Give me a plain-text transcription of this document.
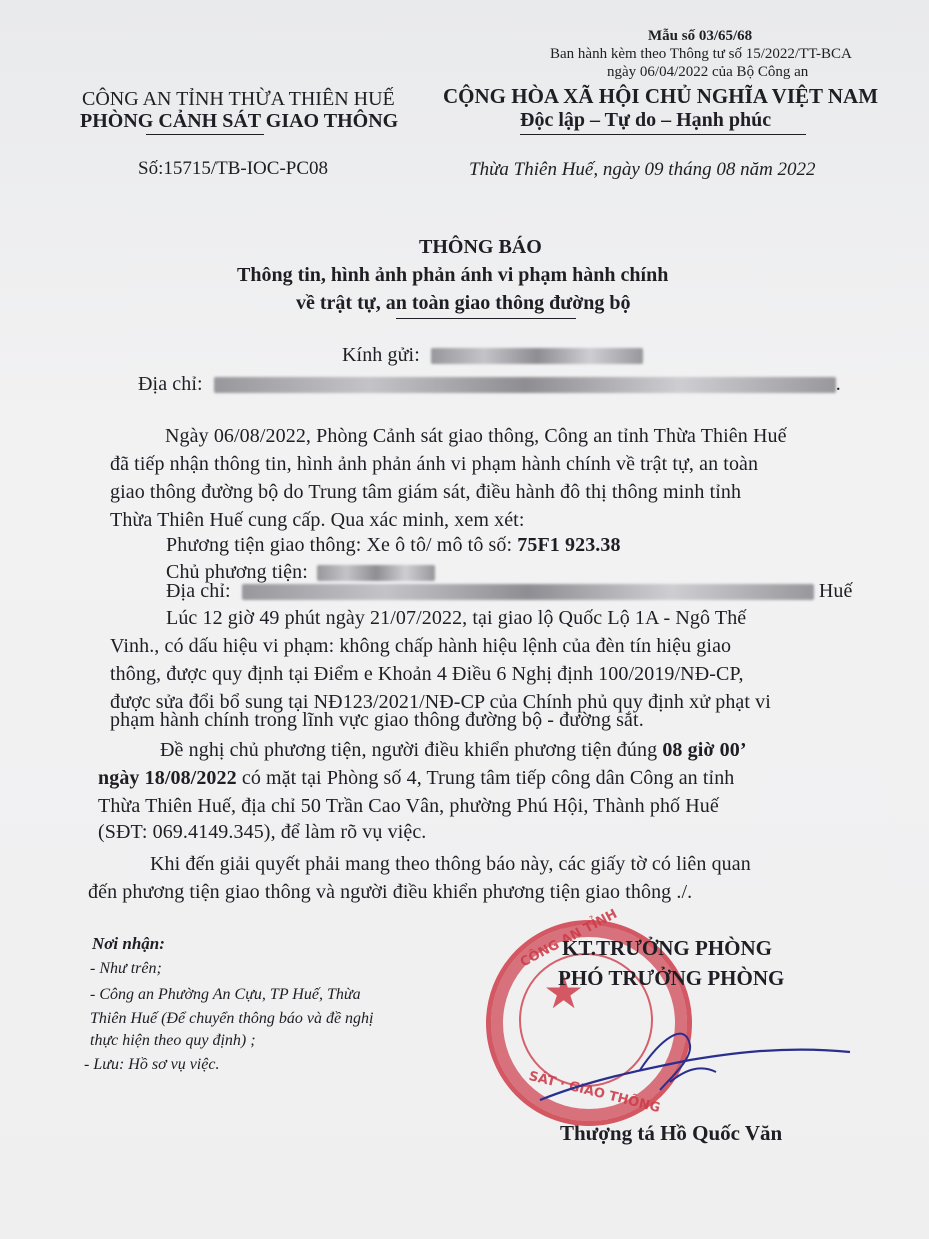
Mẫu số 03/65/68
Ban hành kèm theo Thông tư số 15/2022/TT-BCA
ngày 06/04/2022 của Bộ Công an
CÔNG AN TỈNH THỪA THIÊN HUẾ
PHÒNG CẢNH SÁT GIAO THÔNG
Số:15715/TB-IOC-PC08
CỘNG HÒA XÃ HỘI CHỦ NGHĨA VIỆT NAM
Độc lập – Tự do – Hạnh phúc
Thừa Thiên Huế, ngày 09 tháng 08 năm 2022
THÔNG BÁO
Thông tin, hình ảnh phản ánh vi phạm hành chính
về trật tự, an toàn giao thông đường bộ
Kính gửi:
Địa chỉ:	.
Ngày 06/08/2022, Phòng Cảnh sát giao thông, Công an tỉnh Thừa Thiên Huế
đã tiếp nhận thông tin, hình ảnh phản ánh vi phạm hành chính về trật tự, an toàn
giao thông đường bộ do Trung tâm giám sát, điều hành đô thị thông minh tỉnh
Thừa Thiên Huế cung cấp. Qua xác minh, xem xét:
Phương tiện giao thông: Xe ô tô/ mô tô số: 75F1 923.38
Chủ phương tiện:
Địa chỉ:	Huế
Lúc 12 giờ 49 phút ngày 21/07/2022, tại giao lộ Quốc Lộ 1A - Ngô Thế
Vinh., có dấu hiệu vi phạm: không chấp hành hiệu lệnh của đèn tín hiệu giao
thông, được quy định tại Điểm e Khoản 4 Điều 6 Nghị định 100/2019/NĐ-CP,
được sửa đổi bổ sung tại NĐ123/2021/NĐ-CP của Chính phủ quy định xử phạt vi
phạm hành chính trong lĩnh vực giao thông đường bộ - đường sắt.
Đề nghị chủ phương tiện, người điều khiển phương tiện đúng 08 giờ 00’
ngày 18/08/2022 có mặt tại Phòng số 4, Trung tâm tiếp công dân Công an tỉnh
Thừa Thiên Huế, địa chỉ 50 Trần Cao Vân, phường Phú Hội, Thành phố Huế
(SĐT: 069.4149.345), để làm rõ vụ việc.
Khi đến giải quyết phải mang theo thông báo này, các giấy tờ có liên quan
đến phương tiện giao thông và người điều khiển phương tiện giao thông ./.
Nơi nhận:
- Như trên;
- Công an Phường An Cựu, TP Huế, Thừa
Thiên Huế (Để chuyển thông báo và đề nghị
thực hiện theo quy định) ;
- Lưu: Hồ sơ vụ việc.
★
CÔNG AN TỈNH
SÁT · GIAO THÔNG
KT.TRƯỞNG PHÒNG
PHÓ TRƯỞNG PHÒNG
Thượng tá Hồ Quốc Văn
